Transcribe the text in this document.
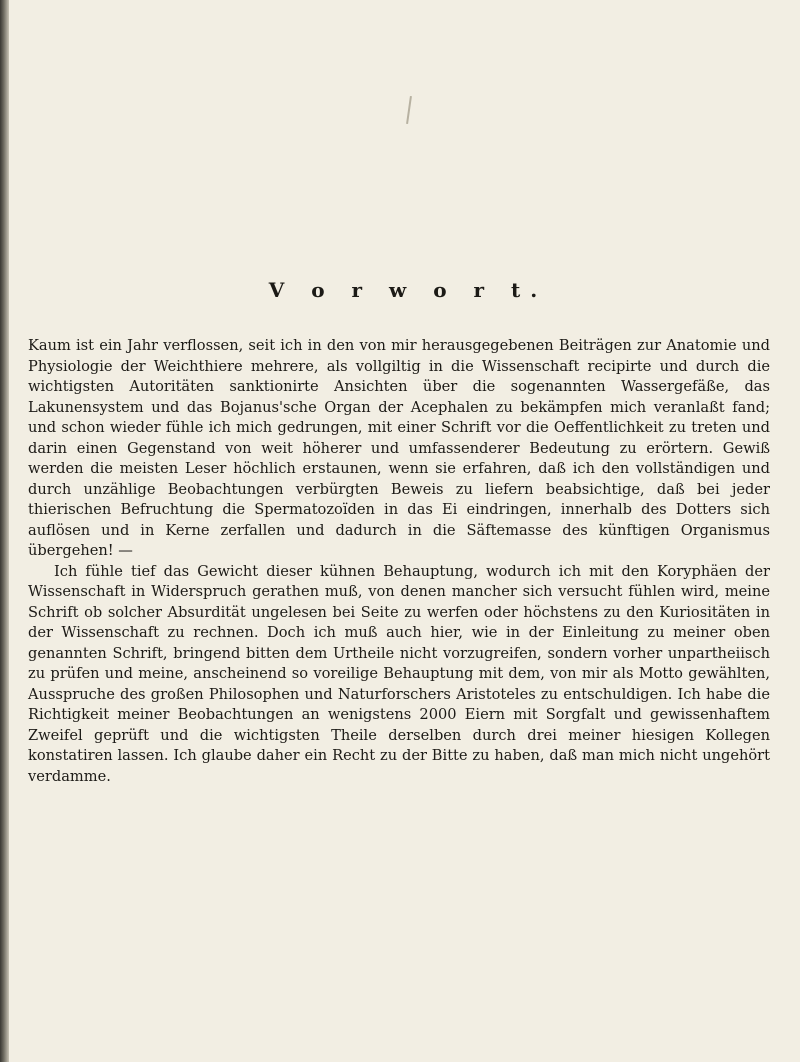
V o r w o r t.

Kaum ist ein Jahr verflossen, seit ich in den von mir herausgegebenen Beiträgen zur Anatomie und Physiologie der Weichthiere mehrere, als vollgiltig in die Wissenschaft recipirte und durch die wichtigsten Autoritäten sanktionirte Ansichten über die sogenannten Wassergefäße, das Lakunensystem und das Bojanus'sche Organ der Acephalen zu bekämpfen mich veranlaßt fand; und schon wieder fühle ich mich gedrungen, mit einer Schrift vor die Oeffentlichkeit zu treten und darin einen Gegenstand von weit höherer und umfassenderer Bedeutung zu erörtern. Gewiß werden die meisten Leser höchlich erstaunen, wenn sie erfahren, daß ich den vollständigen und durch unzählige Beobachtungen verbürgten Beweis zu liefern beabsichtige, daß bei jeder thierischen Befruchtung die Spermatozoïden in das Ei eindringen, innerhalb des Dotters sich auflösen und in Kerne zerfallen und dadurch in die Säftemasse des künftigen Organismus übergehen! —

Ich fühle tief das Gewicht dieser kühnen Behauptung, wodurch ich mit den Koryphäen der Wissenschaft in Widerspruch gerathen muß, von denen mancher sich versucht fühlen wird, meine Schrift ob solcher Absurdität ungelesen bei Seite zu werfen oder höchstens zu den Kuriositäten in der Wissenschaft zu rechnen. Doch ich muß auch hier, wie in der Einleitung zu meiner oben genannten Schrift, bringend bitten dem Urtheile nicht vorzugreifen, sondern vorher unpartheiisch zu prüfen und meine, anscheinend so voreilige Behauptung mit dem, von mir als Motto gewählten, Ausspruche des großen Philosophen und Naturforschers Aristoteles zu entschuldigen. Ich habe die Richtigkeit meiner Beobachtungen an wenigstens 2000 Eiern mit Sorgfalt und gewissenhaftem Zweifel geprüft und die wichtigsten Theile derselben durch drei meiner hiesigen Kollegen konstatiren lassen. Ich glaube daher ein Recht zu der Bitte zu haben, daß man mich nicht ungehört verdamme.
